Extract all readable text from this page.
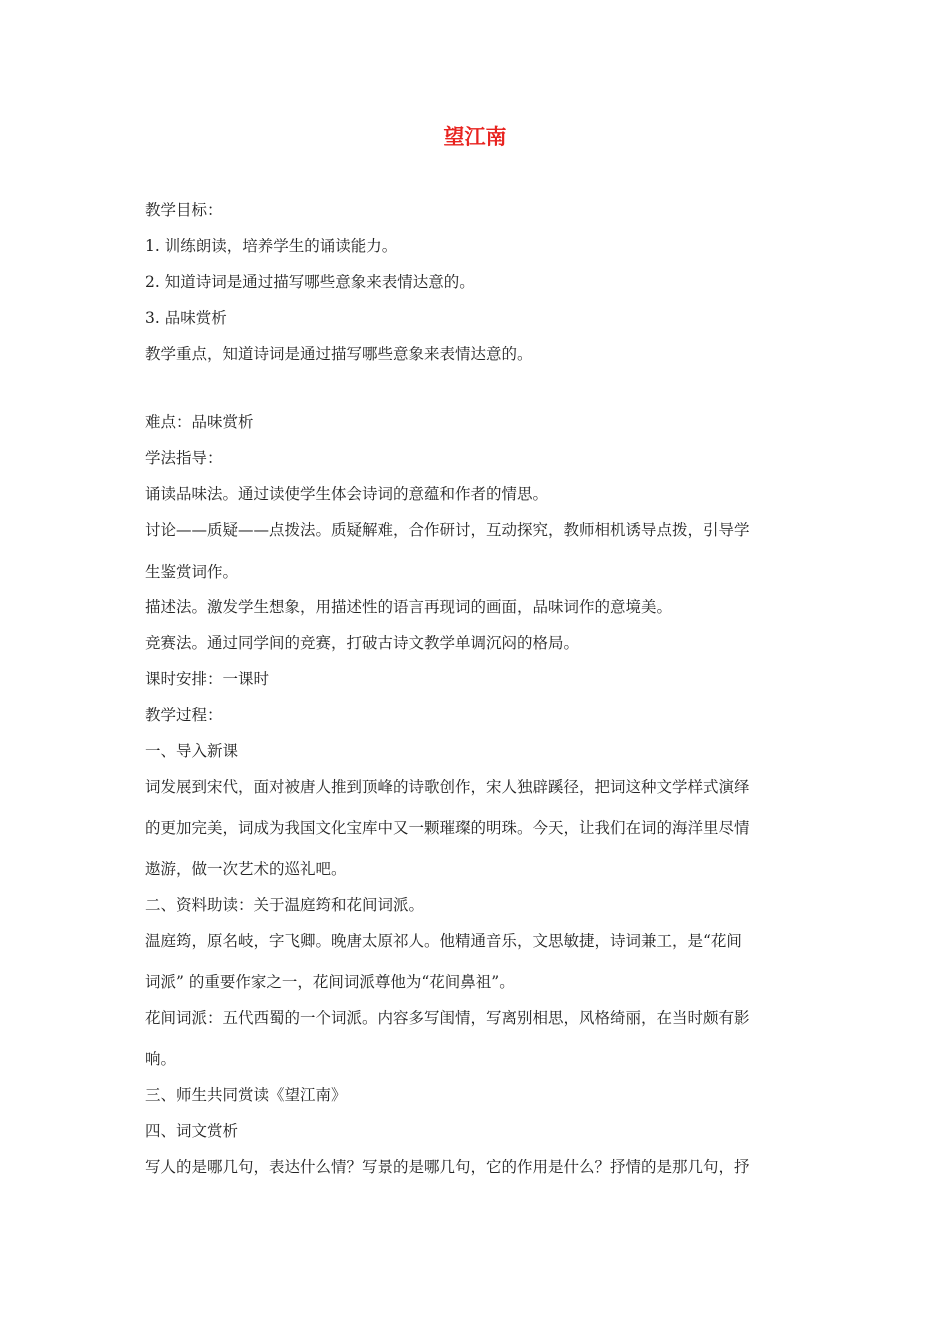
望江南

教学目标：

1. 训练朗读，培养学生的诵读能力。

2. 知道诗词是通过描写哪些意象来表情达意的。

3. 品味赏析

教学重点，知道诗词是通过描写哪些意象来表情达意的。

难点：品味赏析

学法指导：

诵读品味法。通过读使学生体会诗词的意蕴和作者的情思。

讨论——质疑——点拨法。质疑解难，合作研讨，互动探究，教师相机诱导点拨，引导学

生鉴赏词作。

描述法。激发学生想象，用描述性的语言再现词的画面，品味词作的意境美。

竞赛法。通过同学间的竞赛，打破古诗文教学单调沉闷的格局。

课时安排：一课时

教学过程：

一、导入新课

词发展到宋代，面对被唐人推到顶峰的诗歌创作，宋人独辟蹊径，把词这种文学样式演绎

的更加完美，词成为我国文化宝库中又一颗璀璨的明珠。今天，让我们在词的海洋里尽情

遨游，做一次艺术的巡礼吧。

二、资料助读：关于温庭筠和花间词派。

温庭筠，原名岐，字飞卿。晚唐太原祁人。他精通音乐，文思敏捷，诗词兼工，是“花间

词派” 的重要作家之一，花间词派尊他为“花间鼻祖”。

花间词派：五代西蜀的一个词派。内容多写闺情，写离别相思，风格绮丽，在当时颇有影

响。

三、师生共同赏读《望江南》

四、词文赏析

写人的是哪几句，表达什么情？写景的是哪几句，它的作用是什么？抒情的是那几句，抒
